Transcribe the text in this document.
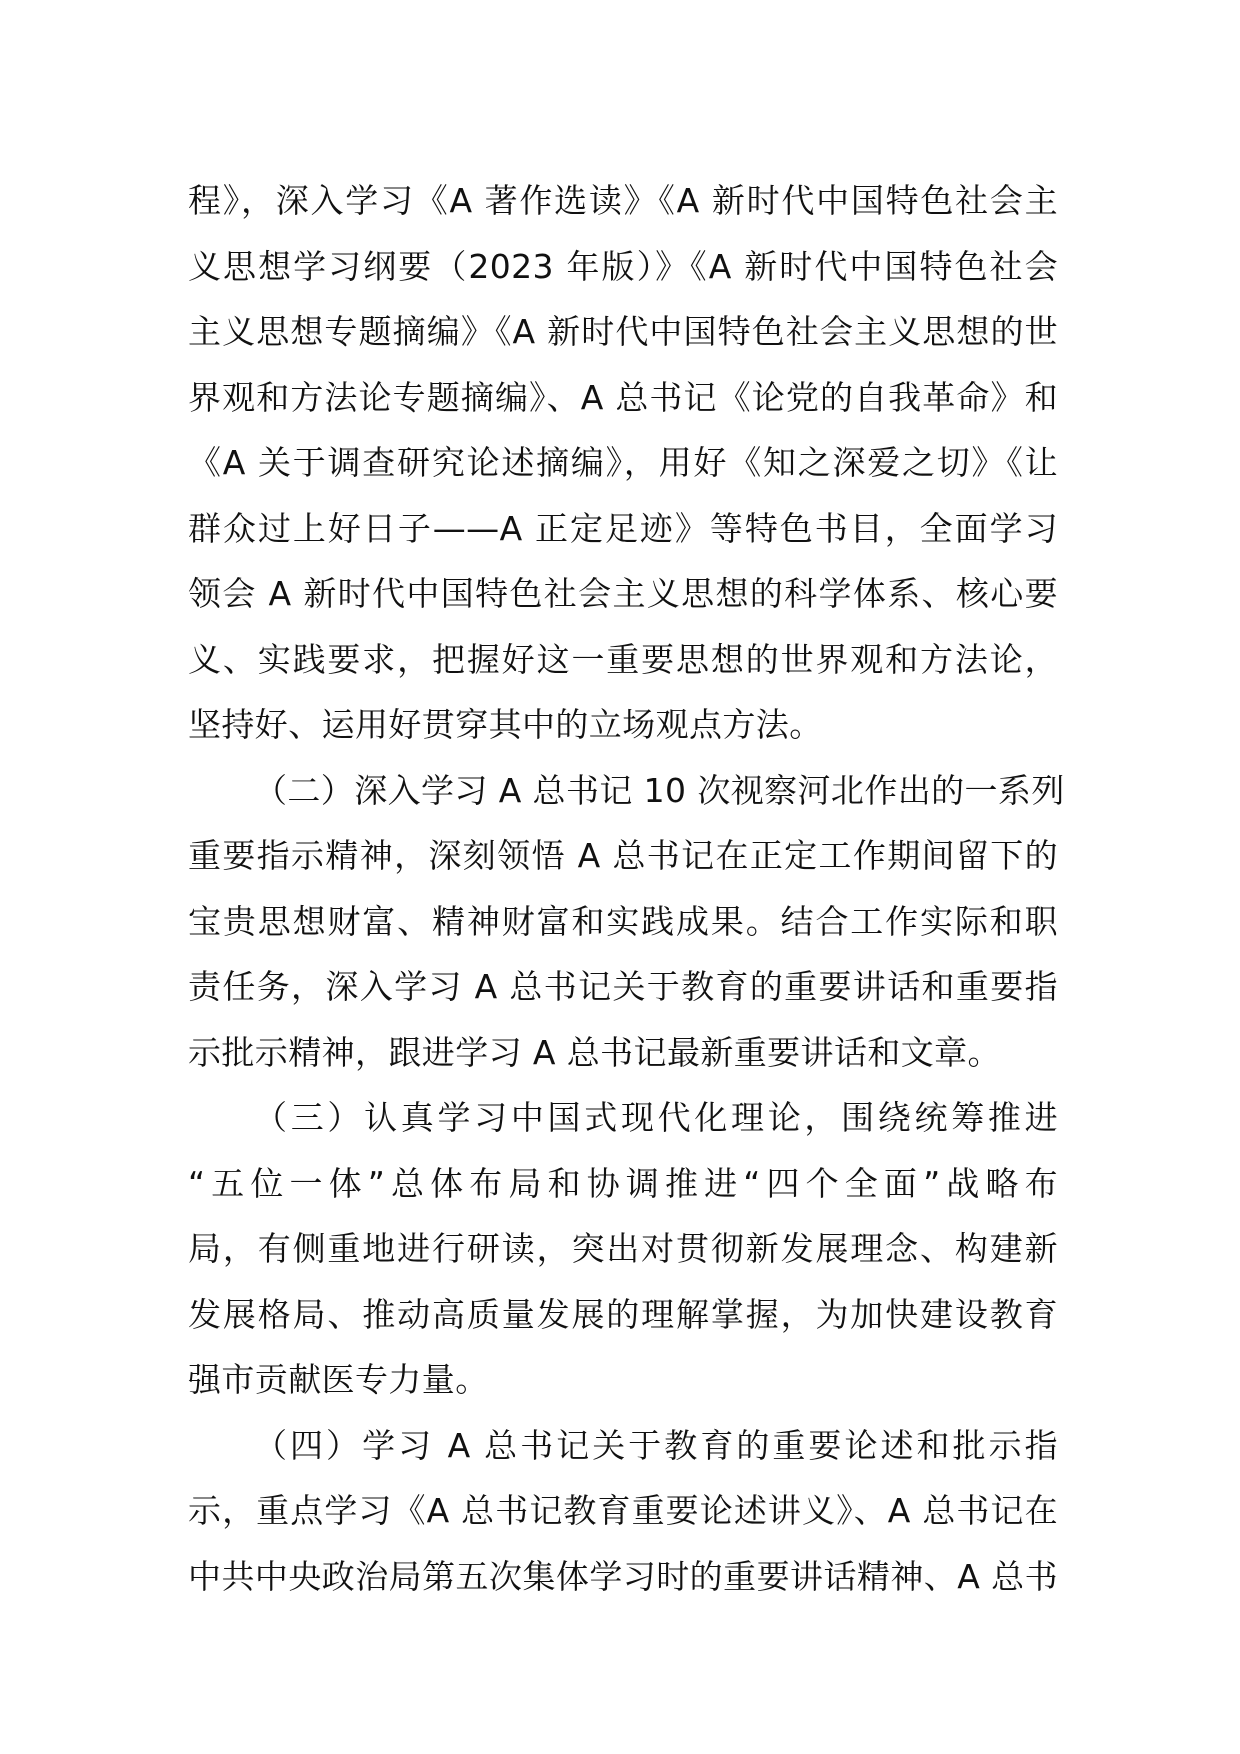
程》，深入学习《A 著作选读》《A 新时代中国特色社会主
义思想学习纲要（2023 年版）》《A 新时代中国特色社会
主义思想专题摘编》《A 新时代中国特色社会主义思想的世
界观和方法论专题摘编》、A 总书记《论党的自我革命》和
《A 关于调查研究论述摘编》，用好《知之深爱之切》《让
群众过上好日子——A 正定足迹》等特色书目，全面学习
领会 A 新时代中国特色社会主义思想的科学体系、核心要
义、实践要求，把握好这一重要思想的世界观和方法论，
坚持好、运用好贯穿其中的立场观点方法。
（二）深入学习 A 总书记 10 次视察河北作出的一系列
重要指示精神，深刻领悟 A 总书记在正定工作期间留下的
宝贵思想财富、精神财富和实践成果。结合工作实际和职
责任务，深入学习 A 总书记关于教育的重要讲话和重要指
示批示精神，跟进学习 A 总书记最新重要讲话和文章。
（三）认真学习中国式现代化理论，围绕统筹推进
“五位一体”总体布局和协调推进“四个全面”战略布
局，有侧重地进行研读，突出对贯彻新发展理念、构建新
发展格局、推动高质量发展的理解掌握，为加快建设教育
强市贡献医专力量。
（四）学习 A 总书记关于教育的重要论述和批示指
示，重点学习《A 总书记教育重要论述讲义》、A 总书记在
中共中央政治局第五次集体学习时的重要讲话精神、A 总书
